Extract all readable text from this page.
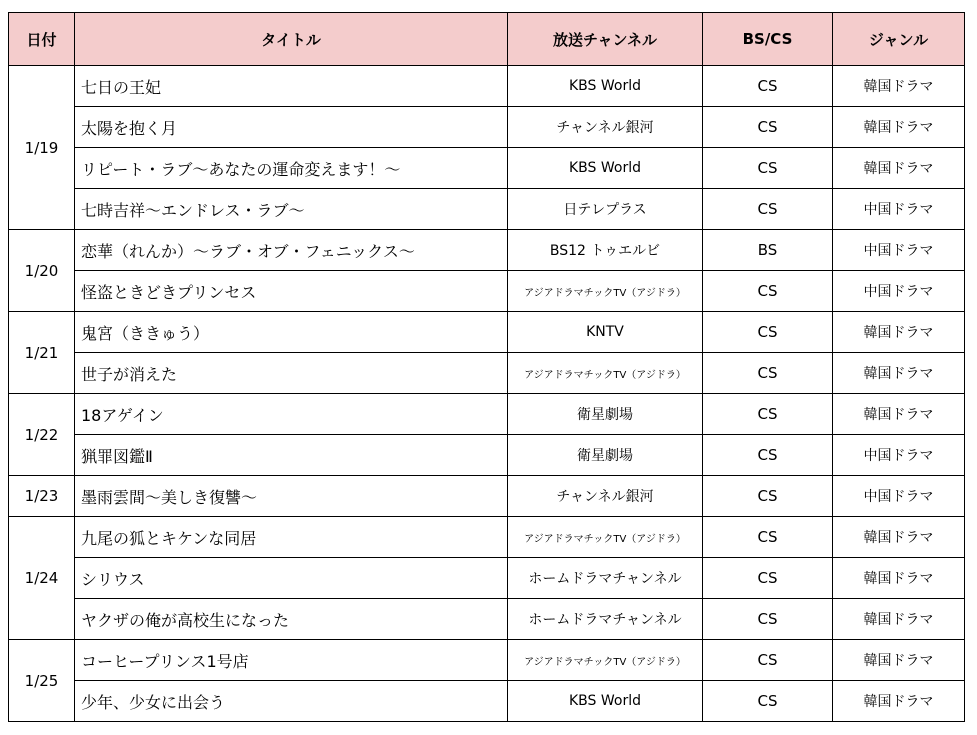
日付	タイトル	放送チャンネル	BS/CS	ジャンル
1/19	七日の王妃	KBS World	CS	韓国ドラマ
	太陽を抱く月	チャンネル銀河	CS	韓国ドラマ
	リピート・ラブ～あなたの運命変えます！～	KBS World	CS	韓国ドラマ
	七時吉祥～エンドレス・ラブ～	日テレプラス	CS	中国ドラマ
1/20	恋華（れんか）～ラブ・オブ・フェニックス～	BS12 トゥエルビ	BS	中国ドラマ
	怪盗ときどきプリンセス	アジアドラマチックTV（アジドラ）	CS	中国ドラマ
1/21	鬼宮（ききゅう）	KNTV	CS	韓国ドラマ
	世子が消えた	アジアドラマチックTV（アジドラ）	CS	韓国ドラマ
1/22	18アゲイン	衛星劇場	CS	韓国ドラマ
	猟罪図鑑Ⅱ	衛星劇場	CS	中国ドラマ
1/23	墨雨雲間～美しき復讐～	チャンネル銀河	CS	中国ドラマ
1/24	九尾の狐とキケンな同居	アジアドラマチックTV（アジドラ）	CS	韓国ドラマ
	シリウス	ホームドラマチャンネル	CS	韓国ドラマ
	ヤクザの俺が高校生になった	ホームドラマチャンネル	CS	韓国ドラマ
1/25	コーヒープリンス1号店	アジアドラマチックTV（アジドラ）	CS	韓国ドラマ
	少年、少女に出会う	KBS World	CS	韓国ドラマ
